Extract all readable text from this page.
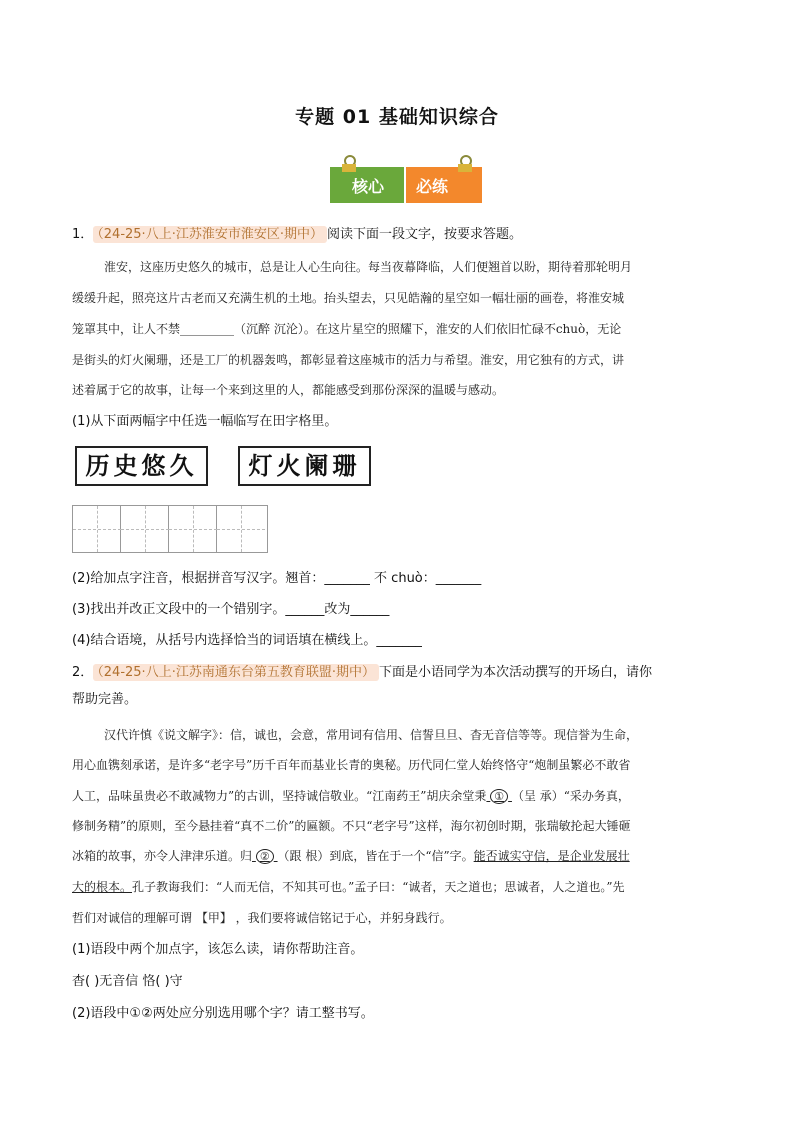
专题 01 基础知识综合
核心 必练
1． （24-25·八上·江苏淮安市淮安区·期中） 阅读下面一段文字，按要求答题。
淮安，这座历史悠久的城市，总是让人心生向往。每当夜幕降临，人们便翘首以盼，期待着那轮明月
缓缓升起，照亮这片古老而又充满生机的土地。抬头望去，只见皓瀚的星空如一幅壮丽的画卷，将淮安城
笼罩其中，让人不禁_________（沉醉 沉沦）。在这片星空的照耀下，淮安的人们依旧忙碌不chuò，无论
是街头的灯火阑珊，还是工厂的机器轰鸣，都彰显着这座城市的活力与希望。淮安，用它独有的方式，讲
述着属于它的故事，让每一个来到这里的人，都能感受到那份深深的温暖与感动。
(1)从下面两幅字中任选一幅临写在田字格里。
历史悠久	灯火阑珊
(2)给加点字注音，根据拼音写汉字。翘首：_______ 不 chuò：_______
(3)找出并改正文段中的一个错别字。______改为______
(4)结合语境，从括号内选择恰当的词语填在横线上。_______
2． （24-25·八上·江苏南通东台第五教育联盟·期中） 下面是小语同学为本次活动撰写的开场白，请你
帮助完善。
汉代许慎《说文解字》：信，诚也，会意，常用词有信用、信誓旦旦、杳无音信等等。现信誉为生命，
用心血镌刻承诺，是许多“老字号”历千百年而基业长青的奥秘。历代同仁堂人始终恪守“炮制虽繁必不敢省
人工，品味虽贵必不敢减物力”的古训，坚持诚信敬业。“江南药王”胡庆余堂秉 ① （呈 承）“采办务真，
修制务精”的原则，至今悬挂着“真不二价”的匾额。不只“老字号”这样，海尔初创时期，张瑞敏抡起大锤砸
冰箱的故事，亦令人津津乐道。归 ② （跟 根）到底，皆在于一个“信”字。能否诚实守信，是企业发展壮
大的根本。孔子教诲我们：“人而无信，不知其可也。”孟子曰：“诚者，天之道也；思诚者，人之道也。”先
哲们对诚信的理解可谓 【甲】 ，我们要将诚信铭记于心，并躬身践行。
(1)语段中两个加点字，该怎么读，请你帮助注音。
杳( )无音信 恪( )守
(2)语段中①②两处应分别选用哪个字？请工整书写。
